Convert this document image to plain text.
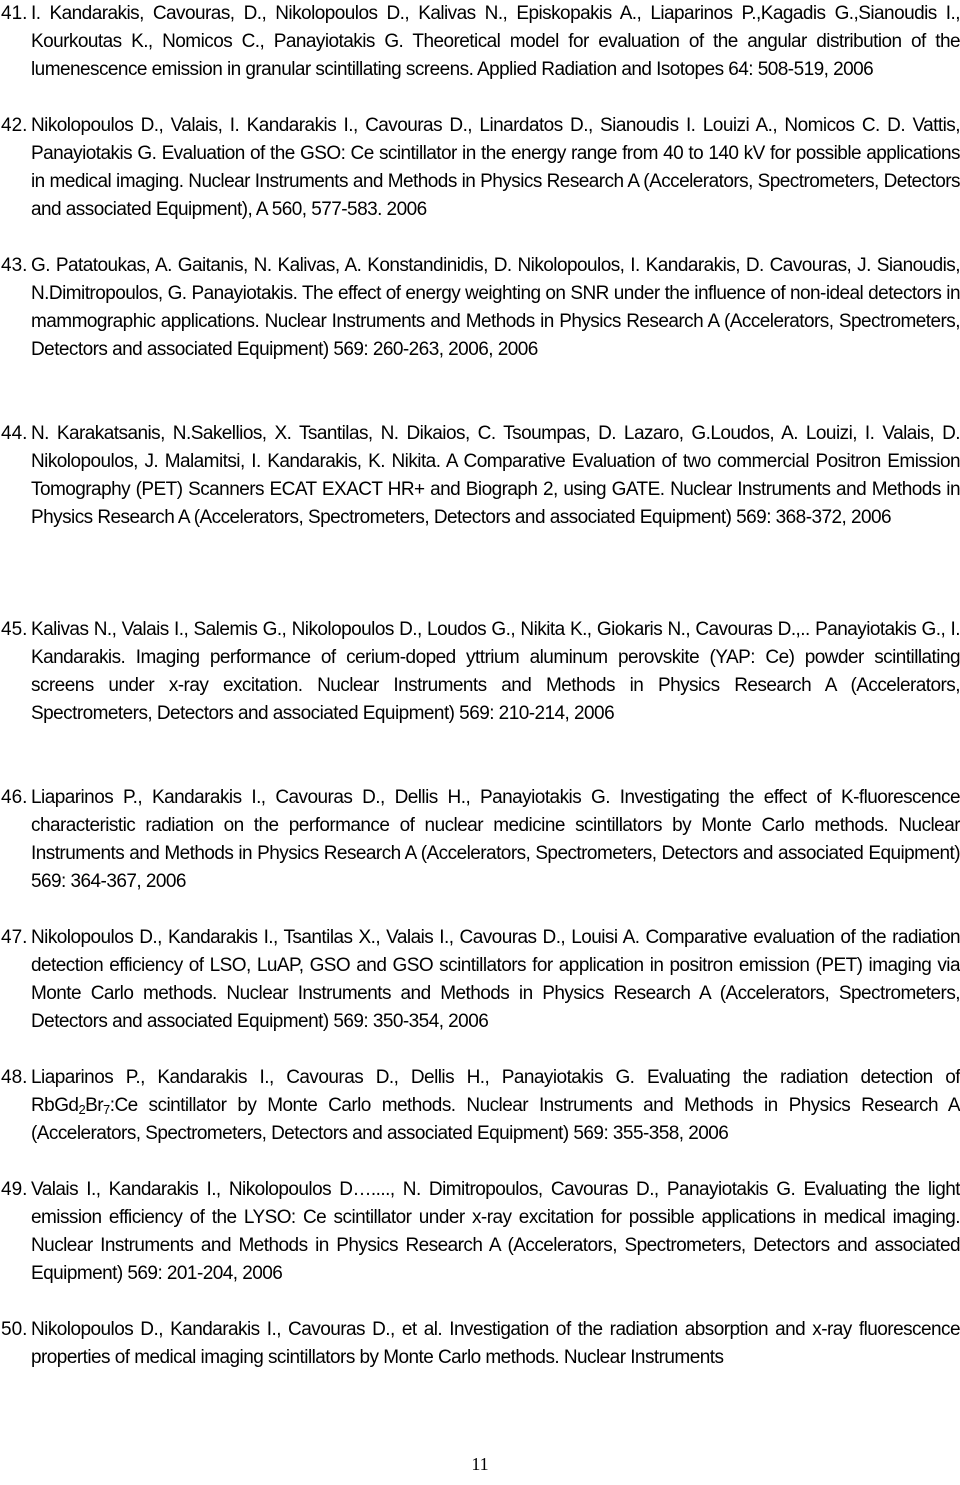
41. I. Kandarakis, Cavouras, D., Nikolopoulos D., Kalivas N., Episkopakis A., Liaparinos P.,Kagadis G.,Sianoudis I., Kourkoutas K., Nomicos C., Panayiotakis G. Theoretical model for evaluation of the angular distribution of the lumenescence emission in granular scintillating screens. Applied Radiation and Isotopes 64: 508-519, 2006
42. Nikolopoulos D., Valais, I. Kandarakis I., Cavouras D., Linardatos D., Sianoudis I. Louizi A., Nomicos C. D. Vattis, Panayiotakis G. Evaluation of the GSO: Ce scintillator in the energy range from 40 to 140 kV for possible applications in medical imaging. Nuclear Instruments and Methods in Physics Research A (Accelerators, Spectrometers, Detectors and associated Equipment), A 560, 577-583. 2006
43. G. Patatoukas, A. Gaitanis, N. Kalivas, A. Konstandinidis, D. Nikolopoulos, I. Kandarakis, D. Cavouras, J. Sianoudis, N.Dimitropoulos, G. Panayiotakis. The effect of energy weighting on SNR under the influence of non-ideal detectors in mammographic applications. Nuclear Instruments and Methods in Physics Research A (Accelerators, Spectrometers, Detectors and associated Equipment) 569: 260-263, 2006, 2006
44. N. Karakatsanis, N.Sakellios, X. Tsantilas, N. Dikaios, C. Tsoumpas, D. Lazaro, G.Loudos, A. Louizi, I. Valais, D. Nikolopoulos, J. Malamitsi, I. Kandarakis, K. Nikita. A Comparative Evaluation of two commercial Positron Emission Tomography (PET) Scanners ECAT EXACT HR+ and Biograph 2, using GATE. Nuclear Instruments and Methods in Physics Research A (Accelerators, Spectrometers, Detectors and associated Equipment) 569: 368-372, 2006
45. Kalivas N., Valais I., Salemis G., Nikolopoulos D., Loudos G., Nikita K., Giokaris N., Cavouras D.,.. Panayiotakis G., I. Kandarakis. Imaging performance of cerium-doped yttrium aluminum perovskite (YAP: Ce) powder scintillating screens under x-ray excitation. Nuclear Instruments and Methods in Physics Research A (Accelerators, Spectrometers, Detectors and associated Equipment) 569: 210-214, 2006
46. Liaparinos P., Kandarakis I., Cavouras D., Dellis H., Panayiotakis G. Investigating the effect of K-fluorescence characteristic radiation on the performance of nuclear medicine scintillators by Monte Carlo methods. Nuclear Instruments and Methods in Physics Research A (Accelerators, Spectrometers, Detectors and associated Equipment) 569: 364-367, 2006
47. Nikolopoulos D., Kandarakis I., Tsantilas X., Valais I., Cavouras D., Louisi A. Comparative evaluation of the radiation detection efficiency of LSO, LuAP, GSO and GSO scintillators for application in positron emission (PET) imaging via Monte Carlo methods. Nuclear Instruments and Methods in Physics Research A (Accelerators, Spectrometers, Detectors and associated Equipment) 569: 350-354, 2006
48. Liaparinos P., Kandarakis I., Cavouras D., Dellis H., Panayiotakis G. Evaluating the radiation detection of $RbGd_2Br_7:Ce$ scintillator by Monte Carlo methods. Nuclear Instruments and Methods in Physics Research A (Accelerators, Spectrometers, Detectors and associated Equipment) 569: 355-358, 2006
49. Valais I., Kandarakis I., Nikolopoulos D…...., N. Dimitropoulos, Cavouras D., Panayiotakis G. Evaluating the light emission efficiency of the LYSO: Ce scintillator under x-ray excitation for possible applications in medical imaging. Nuclear Instruments and Methods in Physics Research A (Accelerators, Spectrometers, Detectors and associated Equipment) 569: 201-204, 2006
50. Nikolopoulos D., Kandarakis I., Cavouras D., et al. Investigation of the radiation absorption and x-ray fluorescence properties of medical imaging scintillators by Monte Carlo methods. Nuclear Instruments
11
